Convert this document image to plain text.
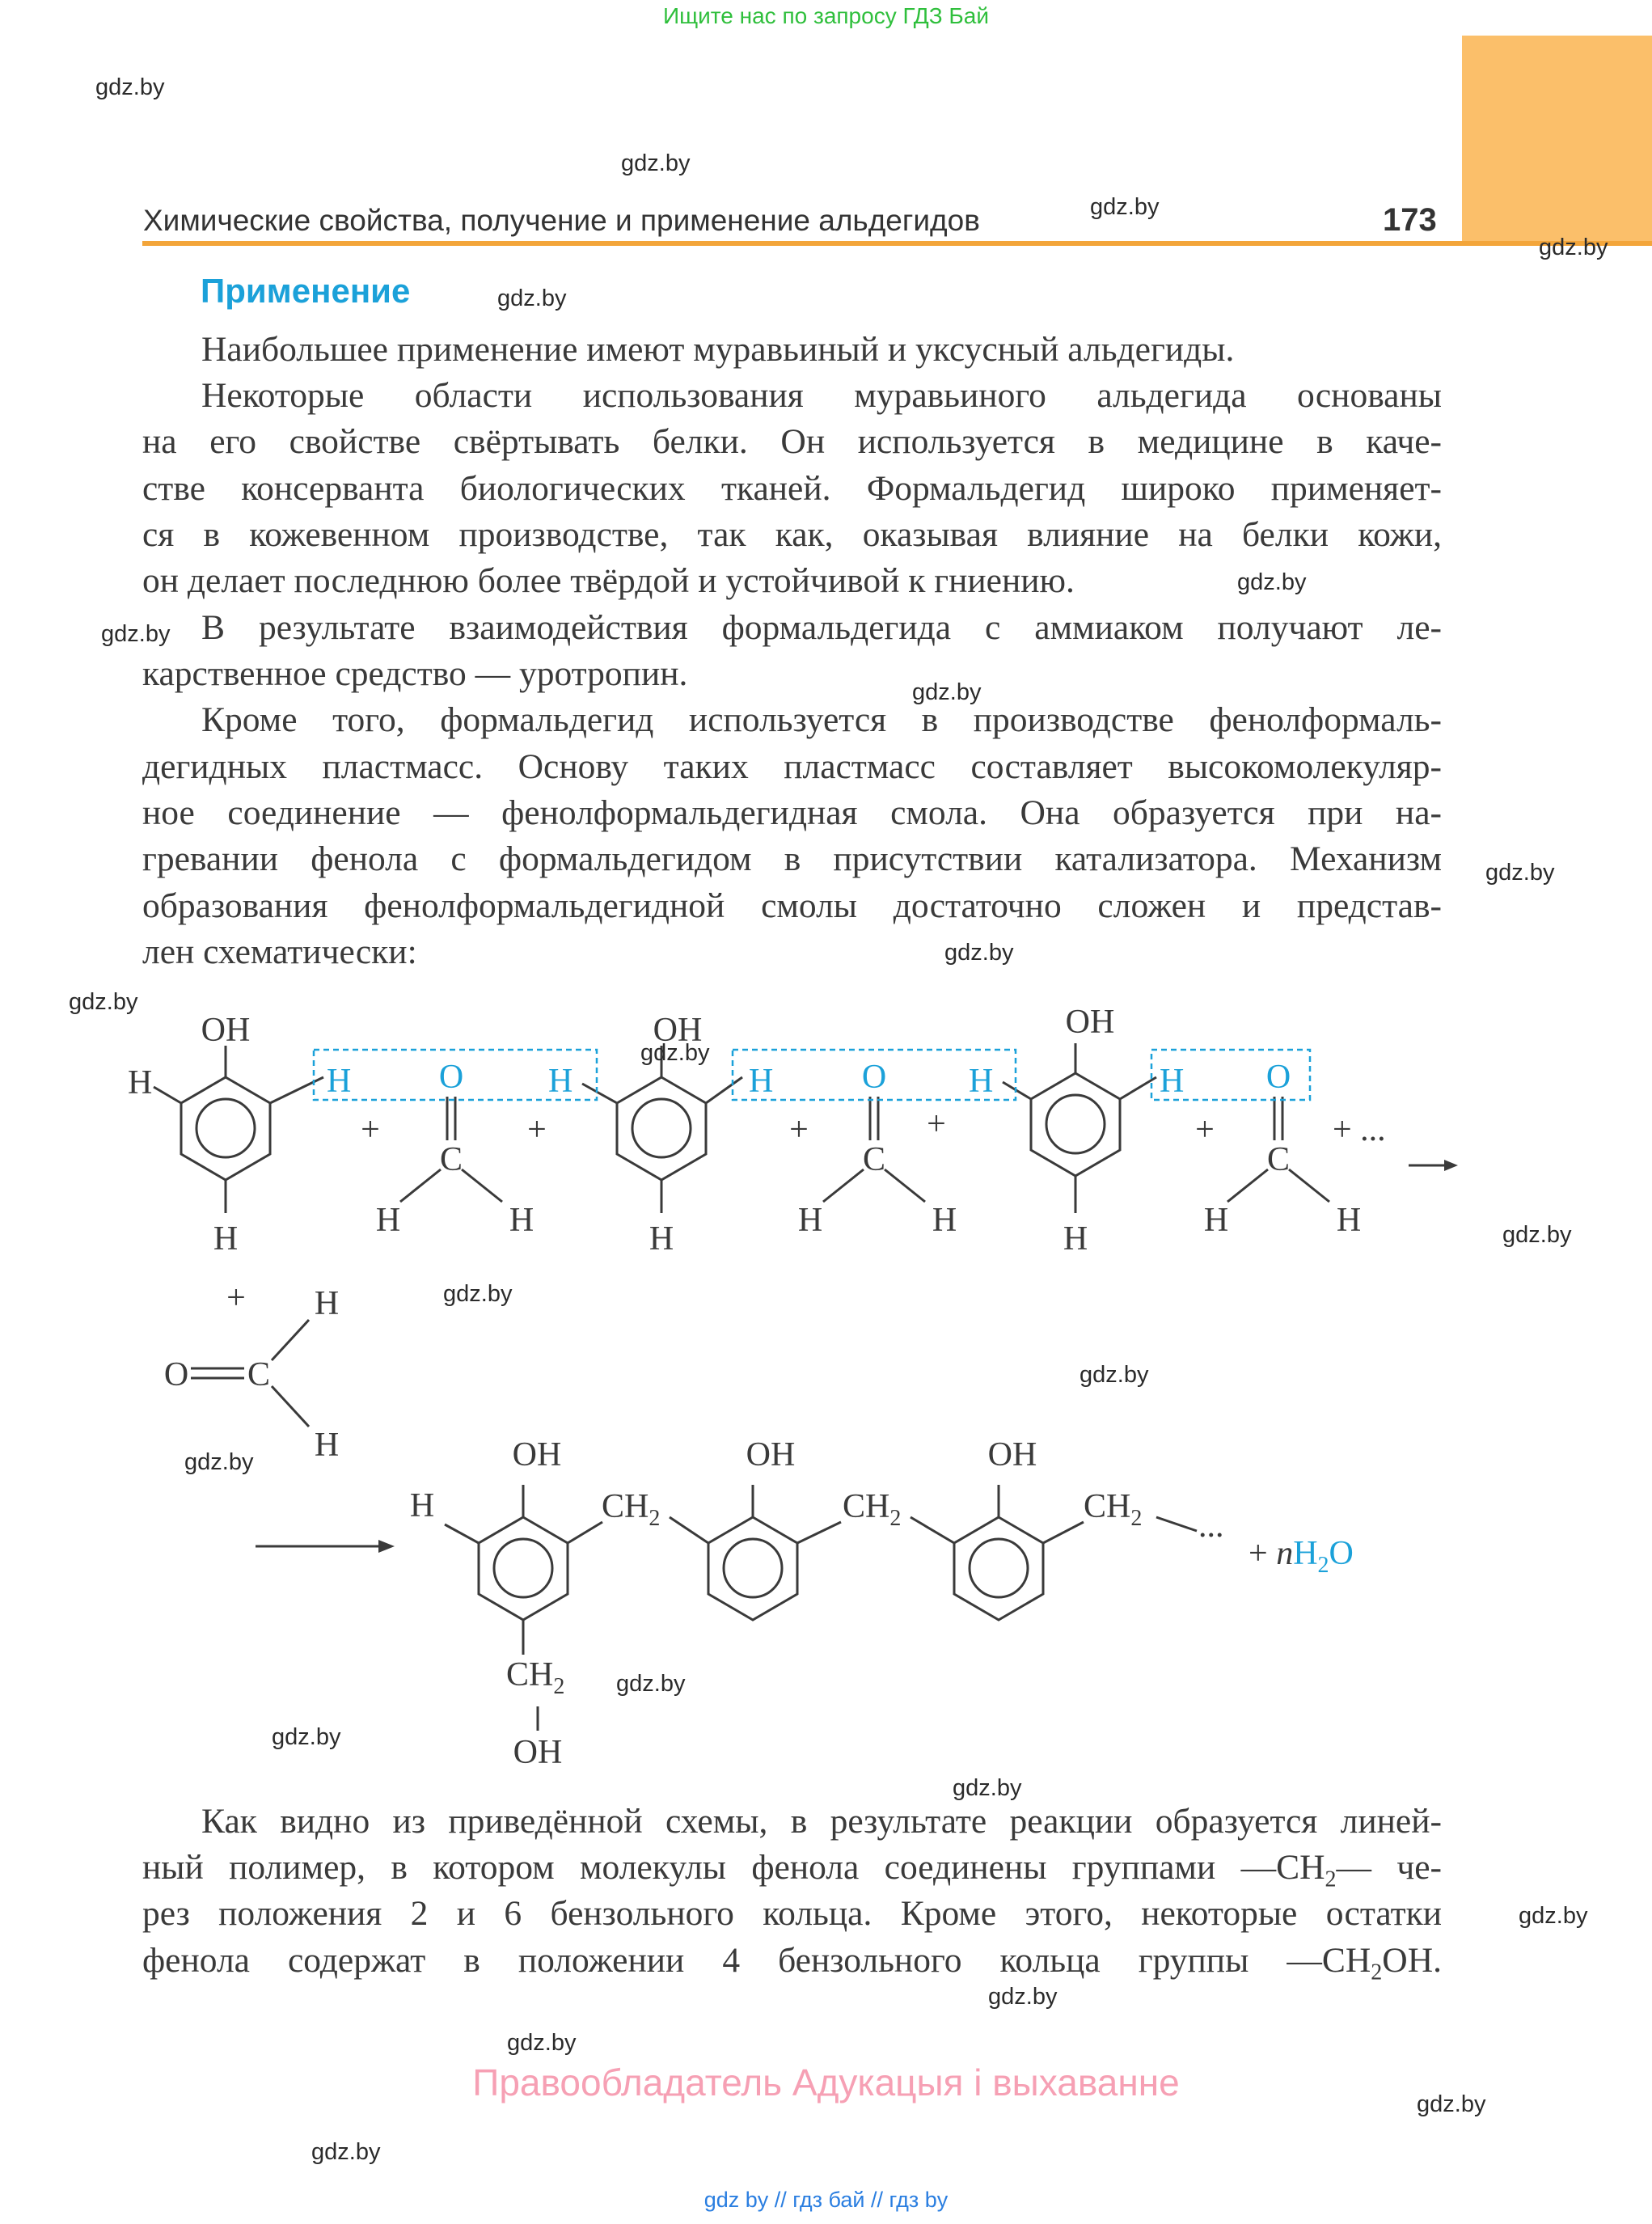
Ищите нас по запросу ГДЗ Бай
Химические свойства, получение и применение альдегидов	173
Применение
Наибольшее применение имеют муравьиный и уксусный альдегиды.
Некоторые области использования муравьиного альдегида основаны
на его свойстве свёртывать белки. Он используется в медицине в каче-
стве консерванта биологических тканей. Формальдегид широко применяет-
ся в кожевенном производстве, так как, оказывая влияние на белки кожи,
он делает последнюю более твёрдой и устойчивой к гниению.
В результате взаимодействия формальдегида с аммиаком получают ле-
карственное средство — уротропин.
Кроме того, формальдегид используется в производстве фенолформаль-
дегидных пластмасс. Основу таких пластмасс составляет высокомолекуляр-
ное соединение — фенолформальдегидная смола. Она образуется при на-
гревании фенола с формальдегидом в присутствии катализатора. Механизм
образования фенолформальдегидной смолы достаточно сложен и представ-
лен схематически:
Как видно из приведённой схемы, в результате реакции образуется линей-
ный полимер, в котором молекулы фенола соединены группами $—CH_2—$ че-
рез положения 2 и 6 бензольного кольца. Кроме этого, некоторые остатки
фенола содержат в положении 4 бензольного кольца группы $—CH_2OH$.
OH
H
H
H	O H
C
H	H
+	+
OH
H
H	O H
C
H	H
+	+
OH
H
H O
C
H	H
+	+ ...
+ H
O C
H	OH
H	$CH_2$
OH
$CH_2$
OH
$CH_2$ ...
$CH_2$
OH
+ $nH_2O$
gdz.by
gdz.by
gdz.by
gdz.by
gdz.by
gdz.by
gdz.by
gdz.by
gdz.by
gdz.by
gdz.by
gdz.by
gdz.by
gdz.by
gdz.by
gdz.by
gdz.by
gdz.by
gdz.by
gdz.by
gdz.by
gdz.by
gdz.by
gdz.by
Правообладатель Адукацыя і выхаванне
gdz by // гдз бай // гдз by
